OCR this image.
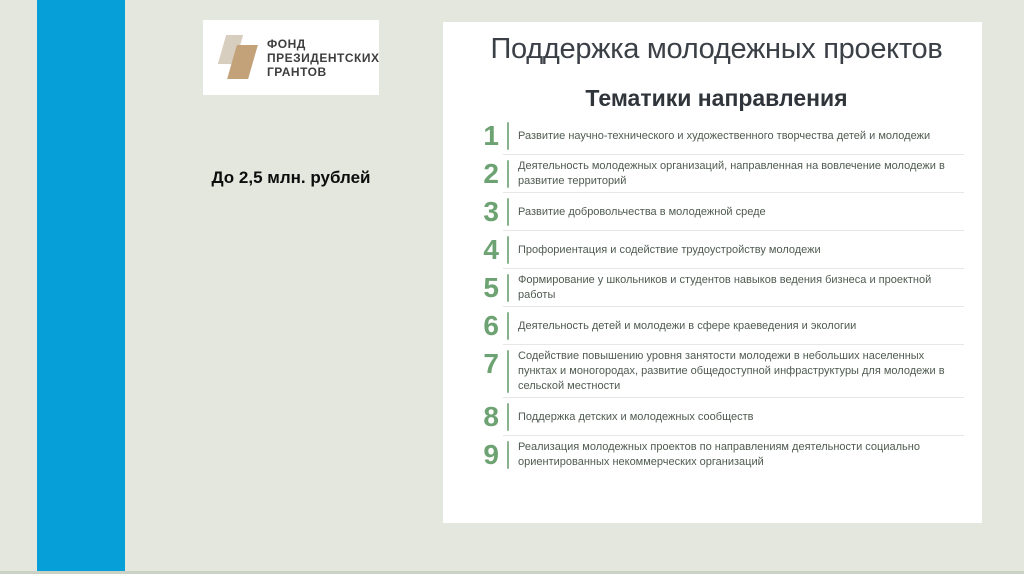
ФОНД
ПРЕЗИДЕНТСКИХ
ГРАНТОВ
До 2,5 млн. рублей
Поддержка молодежных проектов
Тематики направления
1 Развитие научно-технического и художественного творчества детей и молодежи
2 Деятельность молодежных организаций, направленная на вовлечение молодежи в развитие территорий
3 Развитие добровольчества в молодежной среде
4 Профориентация и содействие трудоустройству молодежи
5 Формирование у школьников и студентов навыков ведения бизнеса и проектной работы
6 Деятельность детей и молодежи в сфере краеведения и экологии
7 Содействие повышению уровня занятости молодежи в небольших населенных пунктах и моногородах, развитие общедоступной инфраструктуры для молодежи в сельской местности
8 Поддержка детских и молодежных сообществ
9 Реализация молодежных проектов по направлениям деятельности социально ориентированных некоммерческих организаций
